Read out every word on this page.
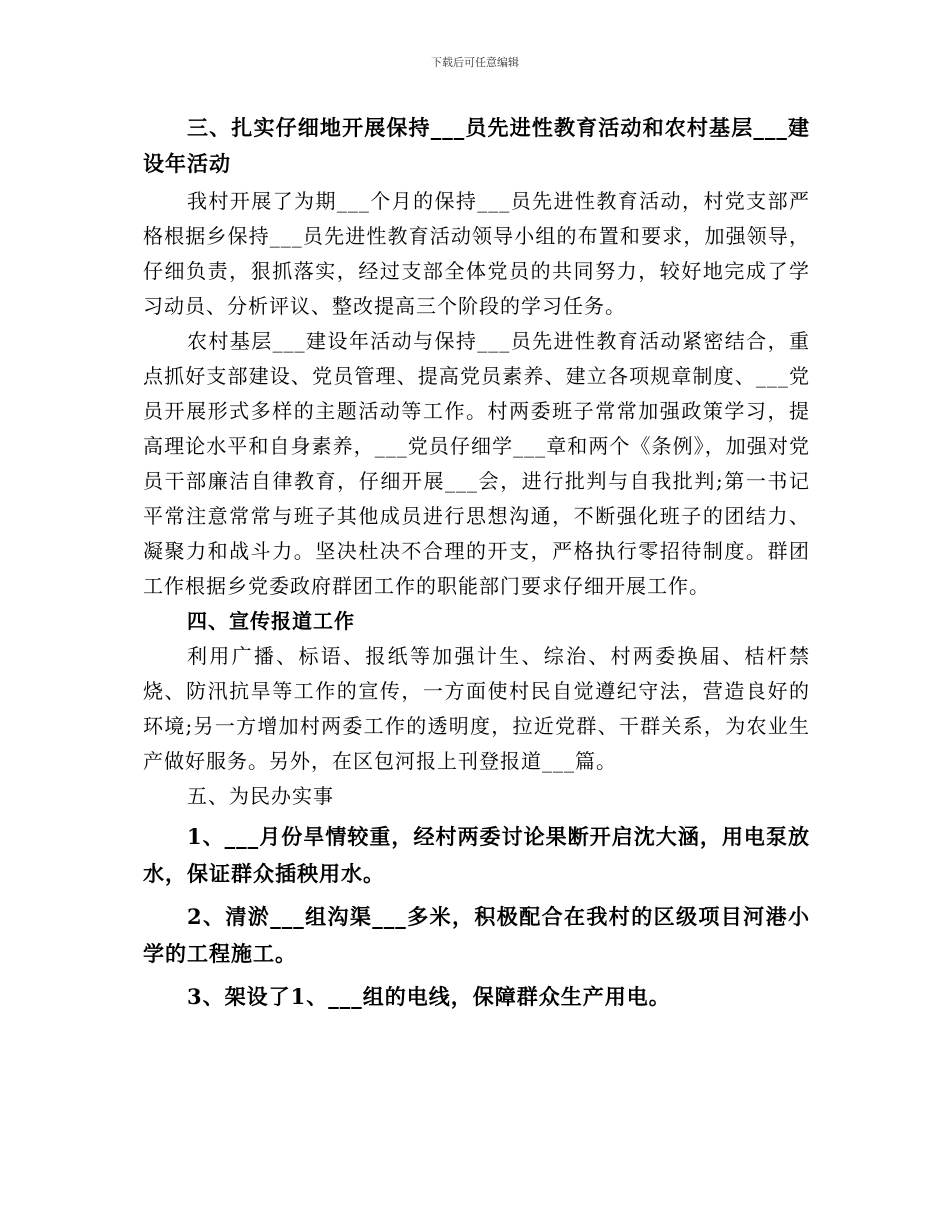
下载后可任意编辑

三、扎实仔细地开展保持___员先进性教育活动和农村基层___建设年活动

我村开展了为期___个月的保持___员先进性教育活动，村党支部严格根据乡保持___员先进性教育活动领导小组的布置和要求，加强领导，仔细负责，狠抓落实，经过支部全体党员的共同努力，较好地完成了学习动员、分析评议、整改提高三个阶段的学习任务。

农村基层___建设年活动与保持___员先进性教育活动紧密结合，重点抓好支部建设、党员管理、提高党员素养、建立各项规章制度、___党员开展形式多样的主题活动等工作。村两委班子常常加强政策学习，提高理论水平和自身素养，___党员仔细学___章和两个《条例》，加强对党员干部廉洁自律教育，仔细开展___会，进行批判与自我批判;第一书记平常注意常常与班子其他成员进行思想沟通，不断强化班子的团结力、凝聚力和战斗力。坚决杜决不合理的开支，严格执行零招待制度。群团工作根据乡党委政府群团工作的职能部门要求仔细开展工作。

四、宣传报道工作

利用广播、标语、报纸等加强计生、综治、村两委换届、桔杆禁烧、防汛抗旱等工作的宣传，一方面使村民自觉遵纪守法，营造良好的环境;另一方增加村两委工作的透明度，拉近党群、干群关系，为农业生产做好服务。另外，在区包河报上刊登报道___篇。

五、为民办实事

1、___月份旱情较重，经村两委讨论果断开启沈大涵，用电泵放水，保证群众插秧用水。

2、清淤___组沟渠___多米，积极配合在我村的区级项目河港小学的工程施工。

3、架设了1、___组的电线，保障群众生产用电。
